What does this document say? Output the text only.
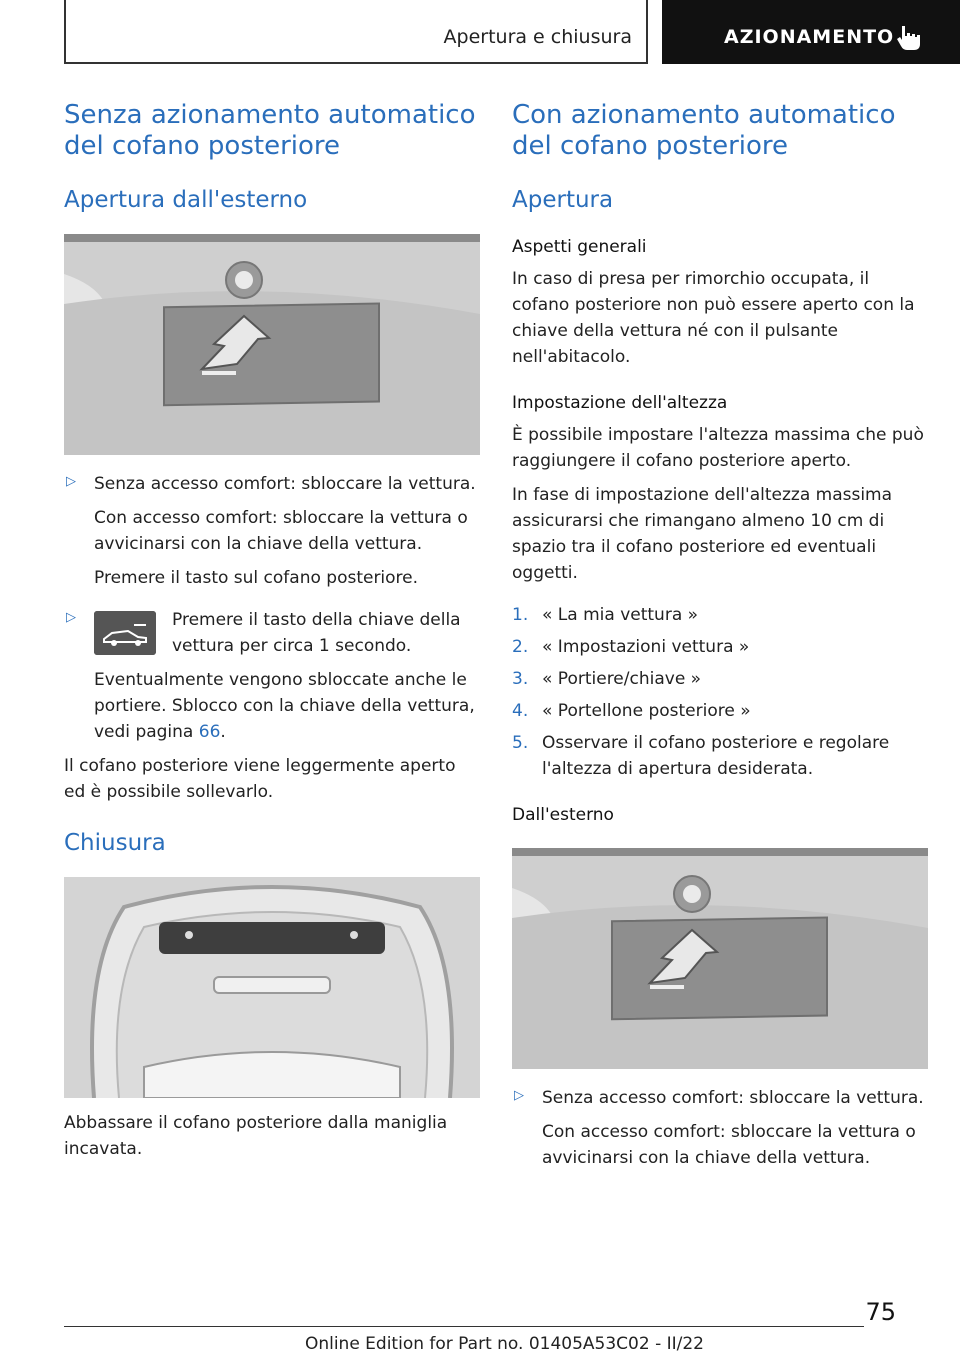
Apertura e chiusura	AZIONAMENTO
Senza azionamento automatico del cofano posteriore
Apertura dall'esterno
▷ Senza accesso comfort: sbloccare la vettura.

Con accesso comfort: sbloccare la vettura o avvicinarsi con la chiave della vettura.

Premere il tasto sul cofano posteriore.

▷	Premere il tasto della chiave della vettura per circa 1 secondo.

Eventualmente vengono sbloccate anche le portiere. Sblocco con la chiave della vettura, vedi pagina 66.

Il cofano posteriore viene leggermente aperto ed è possibile sollevarlo.

Chiusura

Abbassare il cofano posteriore dalla maniglia incavata.

Con azionamento automatico del cofano posteriore
Apertura
Aspetti generali

In caso di presa per rimorchio occupata, il cofano posteriore non può essere aperto con la chiave della vettura né con il pulsante nell'abitacolo.

Impostazione dell'altezza

È possibile impostare l'altezza massima che può raggiungere il cofano posteriore aperto.

In fase di impostazione dell'altezza massima assicurarsi che rimangano almeno 10 cm di spazio tra il cofano posteriore ed eventuali oggetti.

1. « La mia vettura »

2. « Impostazioni vettura »

3. « Portiere/chiave »

4. « Portellone posteriore »

5. Osservare il cofano posteriore e regolare l'altezza di apertura desiderata.

Dall'esterno
▷ Senza accesso comfort: sbloccare la vettura.

Con accesso comfort: sbloccare la vettura o avvicinarsi con la chiave della vettura.

75
Online Edition for Part no. 01405A53C02 - II/22
